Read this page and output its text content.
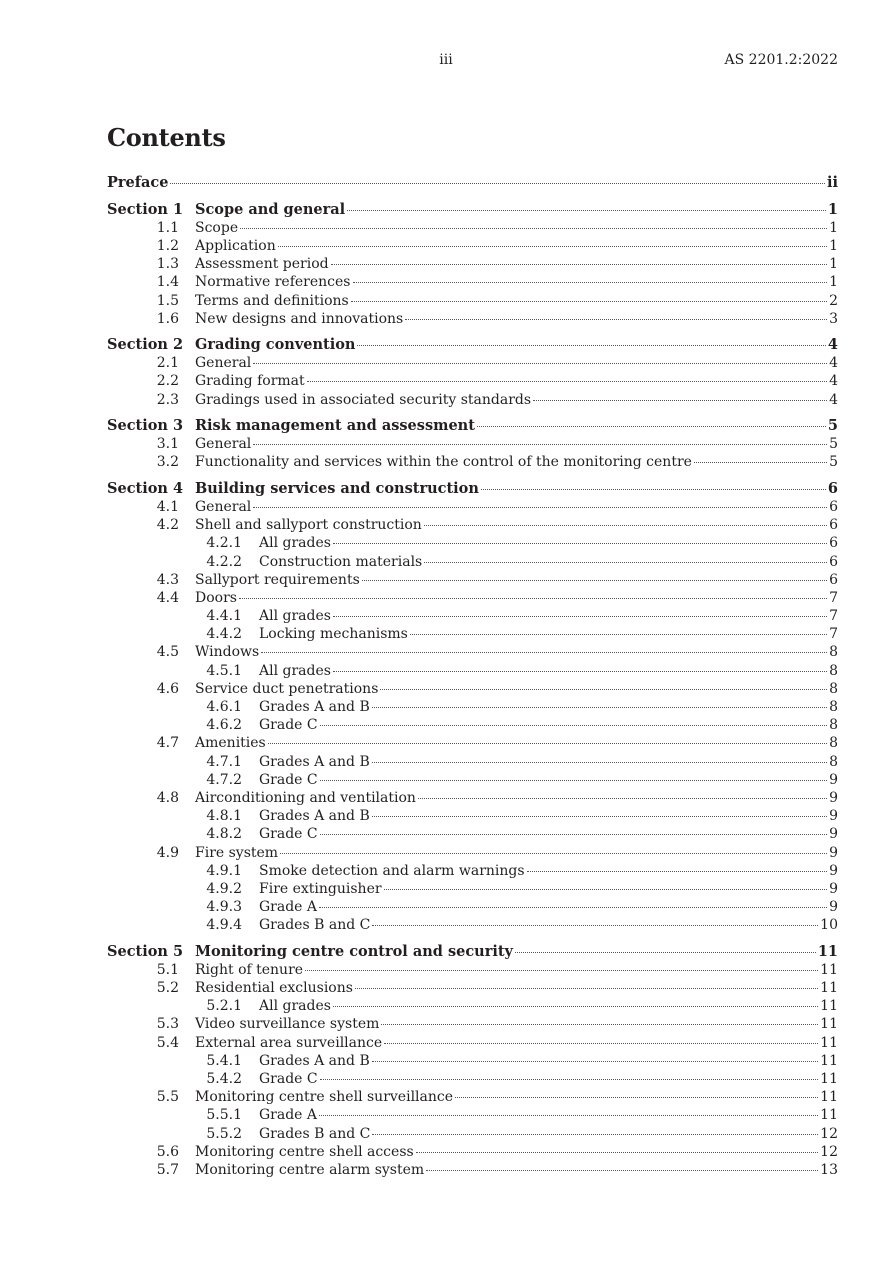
iii	AS 2201.2:2022
Contents
Preface	ii
Section 1 Scope and general	1
1.1 Scope	1
1.2 Application	1
1.3 Assessment period	1
1.4 Normative references	1
1.5 Terms and definitions	2
1.6 New designs and innovations	3
Section 2 Grading convention	4
2.1 General	4
2.2 Grading format	4
2.3 Gradings used in associated security standards	4
Section 3 Risk management and assessment	5
3.1 General	5
3.2 Functionality and services within the control of the monitoring centre	5
Section 4 Building services and construction	6
4.1 General	6
4.2 Shell and sallyport construction	6
4.2.1 All grades	6
4.2.2 Construction materials	6
4.3 Sallyport requirements	6
4.4 Doors	7
4.4.1 All grades	7
4.4.2 Locking mechanisms	7
4.5 Windows	8
4.5.1 All grades	8
4.6 Service duct penetrations	8
4.6.1 Grades A and B	8
4.6.2 Grade C	8
4.7 Amenities	8
4.7.1 Grades A and B	8
4.7.2 Grade C	9
4.8 Airconditioning and ventilation	9
4.8.1 Grades A and B	9
4.8.2 Grade C	9
4.9 Fire system	9
4.9.1 Smoke detection and alarm warnings	9
4.9.2 Fire extinguisher	9
4.9.3 Grade A	9
4.9.4 Grades B and C	10
Section 5 Monitoring centre control and security	11
5.1 Right of tenure	11
5.2 Residential exclusions	11
5.2.1 All grades	11
5.3 Video surveillance system	11
5.4 External area surveillance	11
5.4.1 Grades A and B	11
5.4.2 Grade C	11
5.5 Monitoring centre shell surveillance	11
5.5.1 Grade A	11
5.5.2 Grades B and C	12
5.6 Monitoring centre shell access	12
5.7 Monitoring centre alarm system	13
